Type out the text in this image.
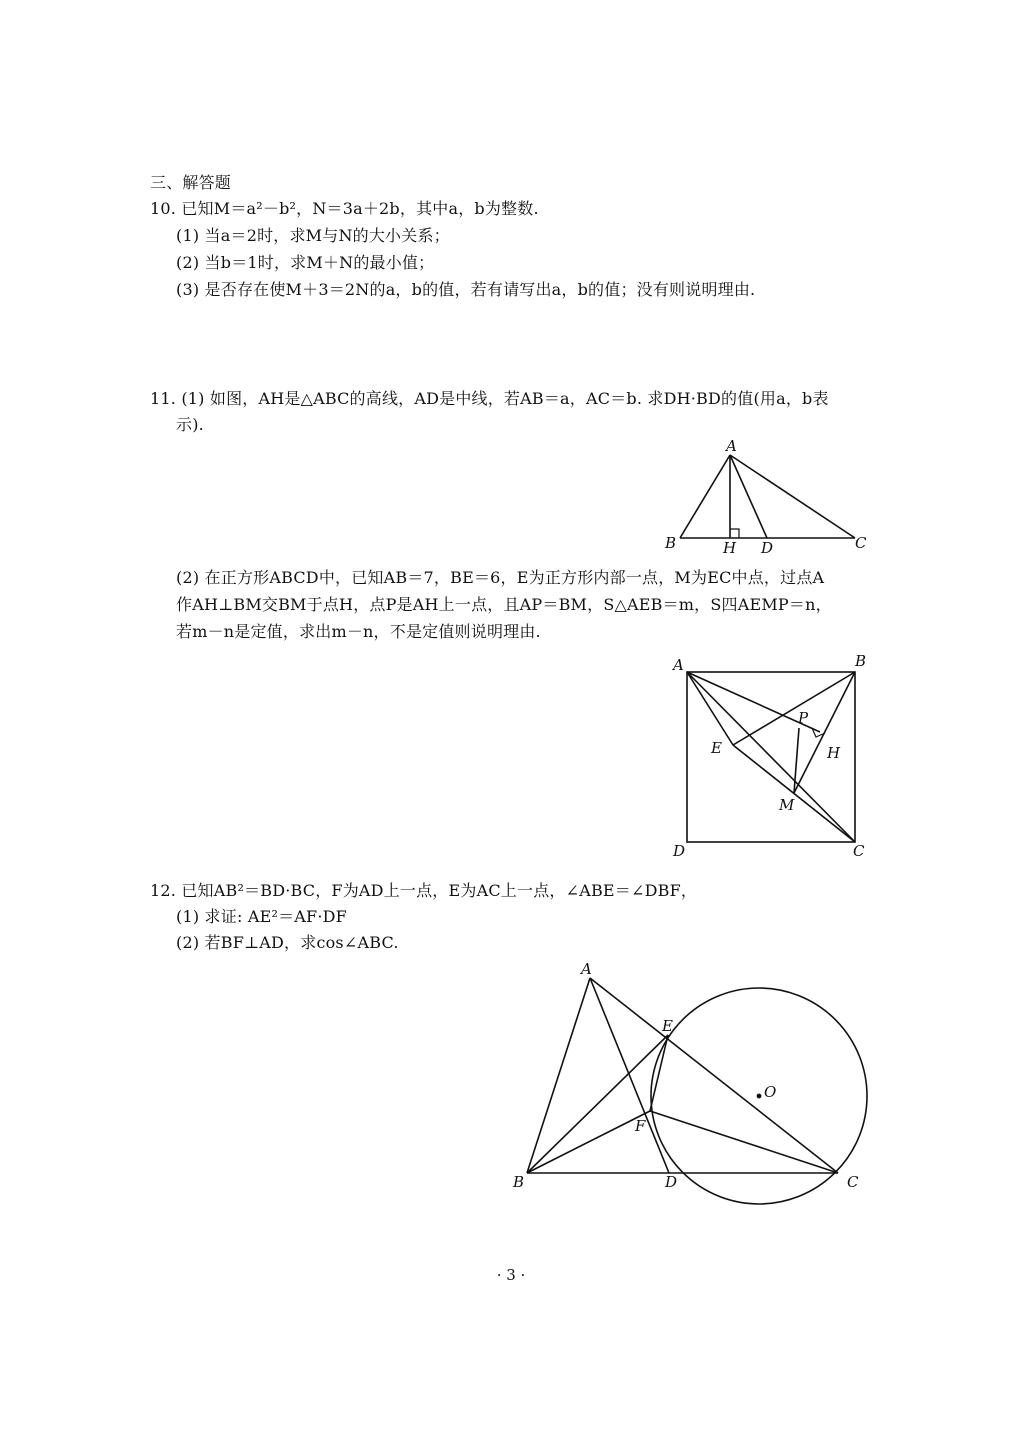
三、解答题
10. 已知M＝a²－b²，N＝3a＋2b，其中a，b为整数.
(1) 当a＝2时，求M与N的大小关系；
(2) 当b＝1时，求M＋N的最小值；
(3) 是否存在使M＋3＝2N的a，b的值，若有请写出a，b的值；没有则说明理由.
11. (1) 如图，AH是△ABC的高线，AD是中线，若AB＝a，AC＝b. 求DH·BD的值(用a，b表
示).
A
B	C
H D
(2) 在正方形ABCD中，已知AB＝7，BE＝6，E为正方形内部一点，M为EC中点，过点A
作AH⊥BM交BM于点H，点P是AH上一点，且AP＝BM，S△AEB＝m，S四AEMP＝n，
若m－n是定值，求出m－n，不是定值则说明理由.
A	B
C
D
E
P
H
M
12. 已知AB²＝BD·BC，F为AD上一点，E为AC上一点，∠ABE＝∠DBF，
(1) 求证: AE²＝AF·DF
(2) 若BF⊥AD，求cos∠ABC.
A
B	C
D
E
F
O
· 3 ·
